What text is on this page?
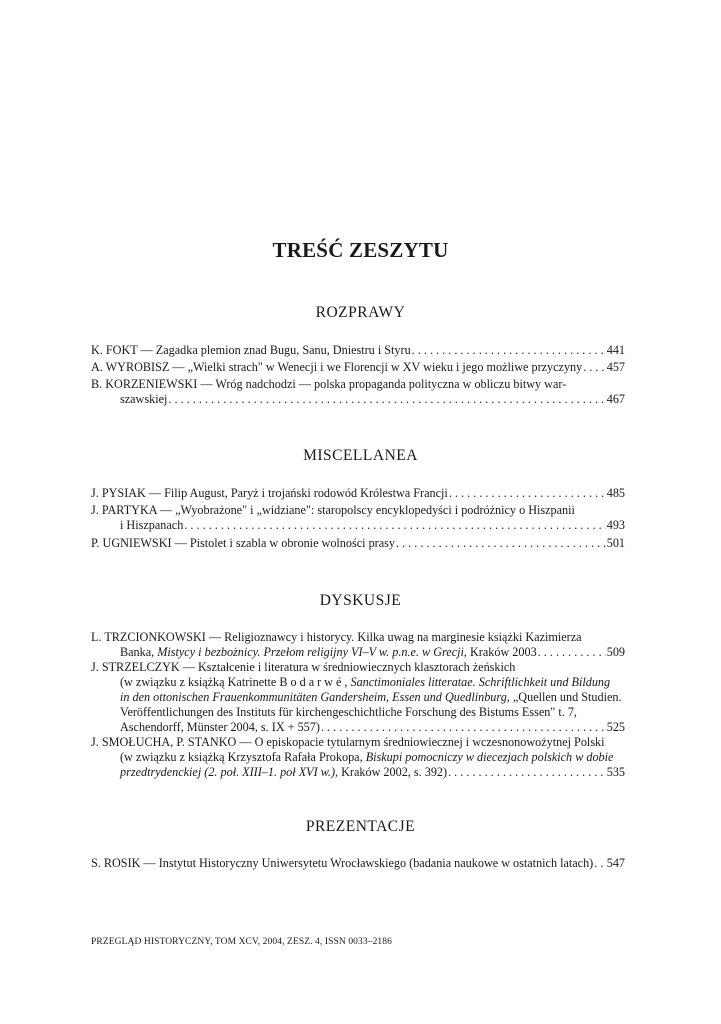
TREŚĆ ZESZYTU
ROZPRAWY
K. FOKT — Zagadka plemion znad Bugu, Sanu, Dniestru i Styru . . .	441
A. WYROBISZ — „Wielki strach" w Wenecji i we Florencji w XV wieku i jego możliwe przyczyny . . . 457
B. KORZENIEWSKI — Wróg nadchodzi — polska propaganda polityczna w obliczu bitwy war-
szawskiej . . .	467
MISCELLANEA
J. PYSIAK — Filip August, Paryż i trojański rodowód Królestwa Francji . . .	485
J. PARTYKA — „Wyobrażone" i „widziane": staropolscy encyklopedyści i podróżnicy o Hiszpanii
i Hiszpanach . . .	493
P. UGNIEWSKI — Pistolet i szabla w obronie wolności prasy . . .	501
DYSKUSJE
L. TRZCIONKOWSKI — Religioznawcy i historycy. Kilka uwag na marginesie książki Kazimierza
Banka, Mistycy i bezbożnicy. Przełom religijny VI–V w. p.n.e. w Grecji, Kraków 2003 . . .	509
J. STRZELCZYK — Kształcenie i literatura w średniowiecznych klasztorach żeńskich
(w związku z książką Katrinette Bodarwé, Sanctimoniales litteratae. Schriftlichkeit und Bildung
in den ottonischen Frauenkommunitäten Gandersheim, Essen und Quedlinburg, „Quellen und Studien.
Veröffentlichungen des Instituts für kirchengeschichtliche Forschung des Bistums Essen" t. 7,
Aschendorff, Münster 2004, s. IX + 557) . . .	525
J. SMOŁUCHA, P. STANKO — O episkopacie tytularnym średniowiecznej i wczesnonowożytnej Polski
(w związku z książką Krzysztofa Rafała Prokopa, Biskupi pomocniczy w diecezjach polskich w dobie
przedtrydenckiej (2. poł. XIII–1. poł XVI w.), Kraków 2002, s. 392) . . .	535
PREZENTACJE
S. ROSIK — Instytut Historyczny Uniwersytetu Wrocławskiego (badania naukowe w ostatnich latach) . . . 547
PRZEGLĄD HISTORYCZNY, TOM XCV, 2004, ZESZ. 4, ISSN 0033–2186
